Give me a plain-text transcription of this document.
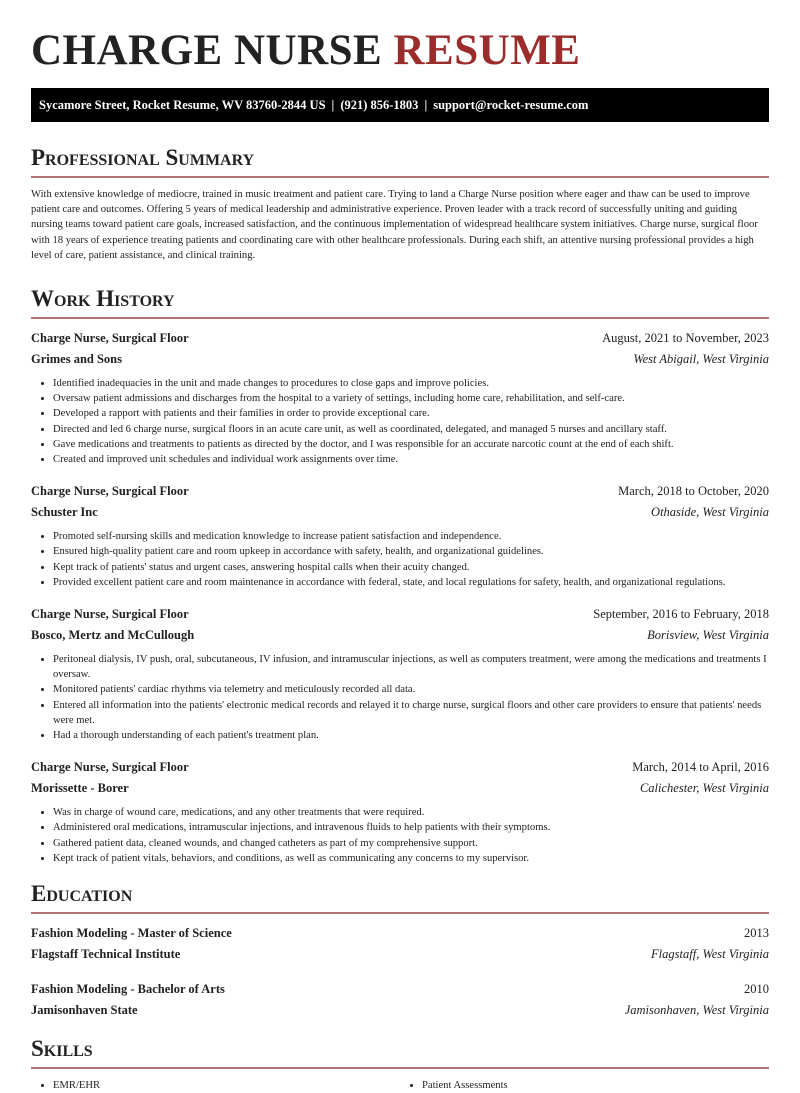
CHARGE NURSE RESUME
Sycamore Street, Rocket Resume, WV 83760-2844 US | (921) 856-1803 | support@rocket-resume.com
Professional Summary

With extensive knowledge of mediocre, trained in music treatment and patient care. Trying to land a Charge Nurse position where eager and thaw can be used to improve patient care and outcomes. Offering 5 years of medical leadership and administrative experience. Proven leader with a track record of successfully uniting and guiding nursing teams toward patient care goals, increased satisfaction, and the continuous implementation of widespread healthcare system initiatives. Charge nurse, surgical floor with 18 years of experience treating patients and coordinating care with other healthcare professionals. During each shift, an attentive nursing professional provides a high level of care, patient assistance, and clinical training.

Work History
Charge Nurse, Surgical Floor	August, 2021 to November, 2023
Grimes and Sons	West Abigail, West Virginia
• Identified inadequacies in the unit and made changes to procedures to close gaps and improve policies.
• Oversaw patient admissions and discharges from the hospital to a variety of settings, including home care, rehabilitation, and self-care.
• Developed a rapport with patients and their families in order to provide exceptional care.
• Directed and led 6 charge nurse, surgical floors in an acute care unit, as well as coordinated, delegated, and managed 5 nurses and ancillary staff.
• Gave medications and treatments to patients as directed by the doctor, and I was responsible for an accurate narcotic count at the end of each shift.
• Created and improved unit schedules and individual work assignments over time.
Charge Nurse, Surgical Floor	March, 2018 to October, 2020
Schuster Inc	Othaside, West Virginia
• Promoted self-nursing skills and medication knowledge to increase patient satisfaction and independence.
• Ensured high-quality patient care and room upkeep in accordance with safety, health, and organizational guidelines.
• Kept track of patients' status and urgent cases, answering hospital calls when their acuity changed.
• Provided excellent patient care and room maintenance in accordance with federal, state, and local regulations for safety, health, and organizational regulations.
Charge Nurse, Surgical Floor	September, 2016 to February, 2018
Bosco, Mertz and McCullough	Borisview, West Virginia
• Peritoneal dialysis, IV push, oral, subcutaneous, IV infusion, and intramuscular injections, as well as computers treatment, were among the medications and treatments I oversaw.
• Monitored patients' cardiac rhythms via telemetry and meticulously recorded all data.
• Entered all information into the patients' electronic medical records and relayed it to charge nurse, surgical floors and other care providers to ensure that patients' needs were met.
• Had a thorough understanding of each patient's treatment plan.
Charge Nurse, Surgical Floor	March, 2014 to April, 2016
Morissette - Borer	Calichester, West Virginia
• Was in charge of wound care, medications, and any other treatments that were required.
• Administered oral medications, intramuscular injections, and intravenous fluids to help patients with their symptoms.
• Gathered patient data, cleaned wounds, and changed catheters as part of my comprehensive support.
• Kept track of patient vitals, behaviors, and conditions, as well as communicating any concerns to my supervisor.
Education
Fashion Modeling - Master of Science	2013
Flagstaff Technical Institute	Flagstaff, West Virginia
Fashion Modeling - Bachelor of Arts	2010
Jamisonhaven State	Jamisonhaven, West Virginia
Skills
• EMR/EHR	• Patient Assessments
